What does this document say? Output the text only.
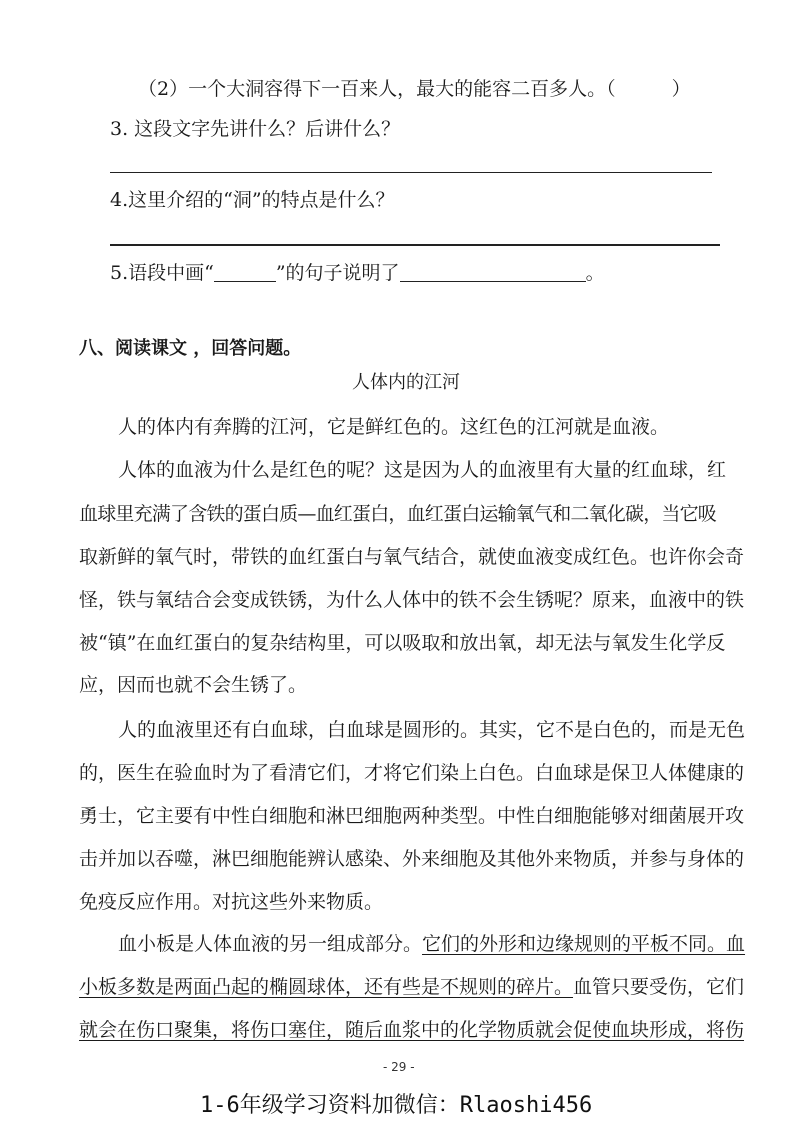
（2）一个大洞容得下一百来人，最大的能容二百多人。（	）
3. 这段文字先讲什么？后讲什么？
4.这里介绍的“洞”的特点是什么？
5.语段中画“	”的句子说明了	。
八、阅读课文 ，回答问题。
人体内的江河
人的体内有奔腾的江河，它是鲜红色的。这红色的江河就是血液。
人体的血液为什么是红色的呢？这是因为人的血液里有大量的红血球，红
血球里充满了含铁的蛋白质—血红蛋白，血红蛋白运输氧气和二氧化碳，当它吸
取新鲜的氧气时，带铁的血红蛋白与氧气结合，就使血液变成红色。也许你会奇
怪，铁与氧结合会变成铁锈，为什么人体中的铁不会生锈呢？原来，血液中的铁
被“镇”在血红蛋白的复杂结构里，可以吸取和放出氧，却无法与氧发生化学反
应，因而也就不会生锈了。
人的血液里还有白血球，白血球是圆形的。其实，它不是白色的，而是无色
的，医生在验血时为了看清它们，才将它们染上白色。白血球是保卫人体健康的
勇士，它主要有中性白细胞和淋巴细胞两种类型。中性白细胞能够对细菌展开攻
击并加以吞噬，淋巴细胞能辨认感染、外来细胞及其他外来物质，并参与身体的
免疫反应作用。对抗这些外来物质。
血小板是人体血液的另一组成部分。它们的外形和边缘规则的平板不同。血
小板多数是两面凸起的椭圆球体，还有些是不规则的碎片。血管只要受伤，它们
就会在伤口聚集，将伤口塞住，随后血浆中的化学物质就会促使血块形成，将伤
- 29 -
1-6年级学习资料加微信：Rlaoshi456
